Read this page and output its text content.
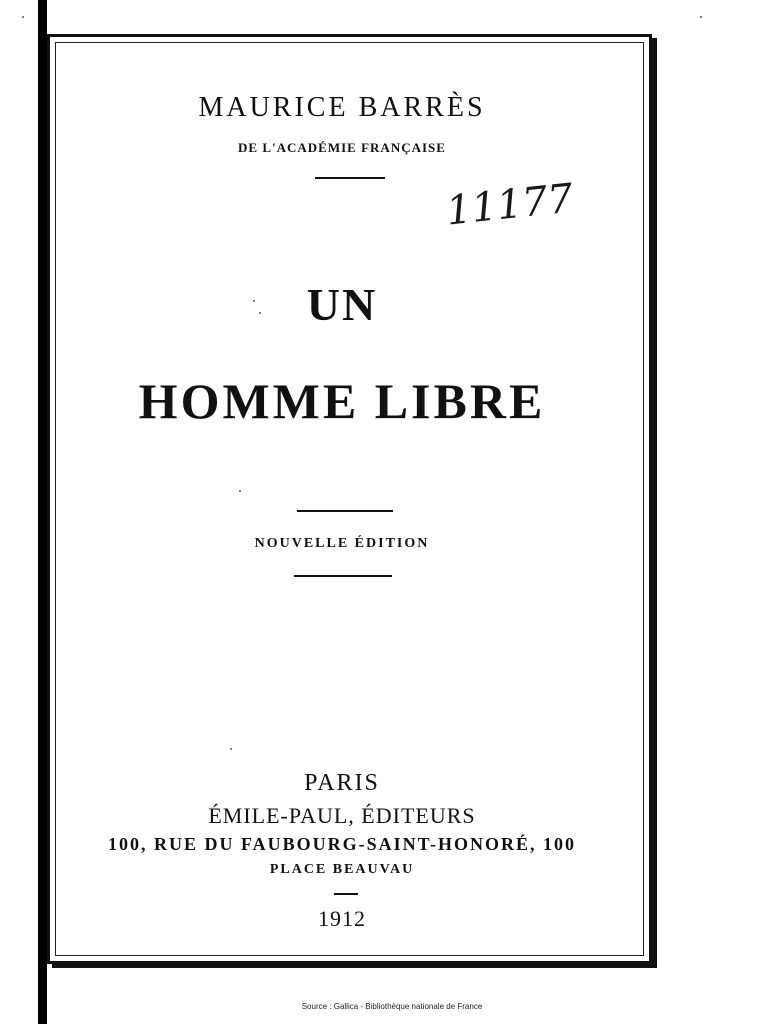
MAURICE BARRÈS
DE L'ACADÉMIE FRANÇAISE
11177
UN
HOMME LIBRE
NOUVELLE ÉDITION
PARIS
ÉMILE-PAUL, ÉDITEURS
100, RUE DU FAUBOURG-SAINT-HONORÉ, 100
PLACE BEAUVAU
1912
Source : Gallica - Bibliothèque nationale de France
